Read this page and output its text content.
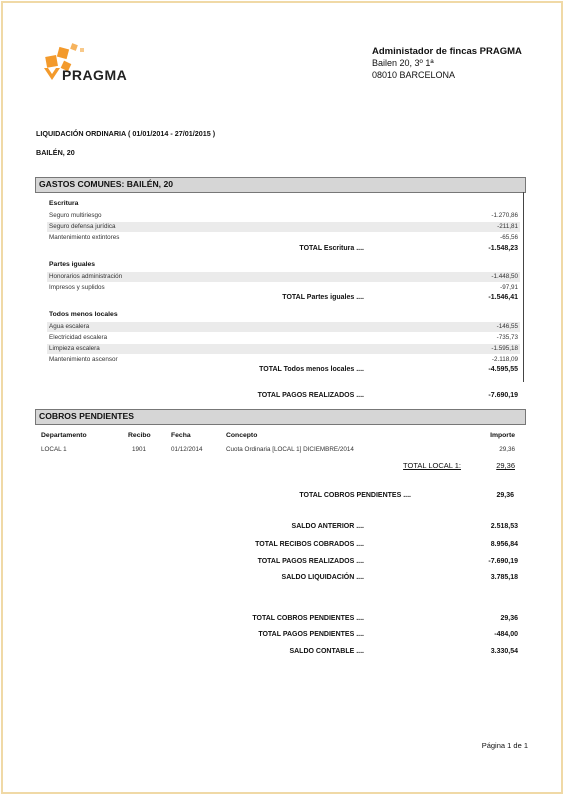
PRAGMA
Administador de fincas PRAGMA
Bailen 20, 3º 1ª
08010 BARCELONA
LIQUIDACIÓN ORDINARIA ( 01/01/2014 - 27/01/2015 )
BAILÉN, 20
GASTOS COMUNES: BAILÉN, 20
Escritura
Seguro multiriesgo	-1.270,86
Seguro defensa jurídica	-211,81
Mantenimiento extintores	-65,56
TOTAL Escritura ....	-1.548,23
Partes iguales
Honorarios administración	-1.448,50
Impresos y suplidos	-97,91
TOTAL Partes iguales ....	-1.546,41
Todos menos locales
Agua escalera	-146,55
Electricidad escalera	-735,73
Limpieza escalera	-1.595,18
Mantenimiento ascensor	-2.118,09
TOTAL Todos menos locales ....	-4.595,55
TOTAL PAGOS REALIZADOS ....	-7.690,19
COBROS PENDIENTES
Departamento	Recibo	Fecha	Concepto	Importe
LOCAL 1	1901	01/12/2014	Cuota Ordinaria [LOCAL 1] DICIEMBRE/2014	29,36
TOTAL LOCAL 1:	29,36
TOTAL COBROS PENDIENTES ....	29,36
SALDO ANTERIOR ....	2.518,53
TOTAL RECIBOS COBRADOS ....	8.956,84
TOTAL PAGOS REALIZADOS ....	-7.690,19
SALDO LIQUIDACIÓN ....	3.785,18
TOTAL COBROS PENDIENTES ....	29,36
TOTAL PAGOS PENDIENTES ....	-484,00
SALDO CONTABLE ....	3.330,54
Página 1 de 1
